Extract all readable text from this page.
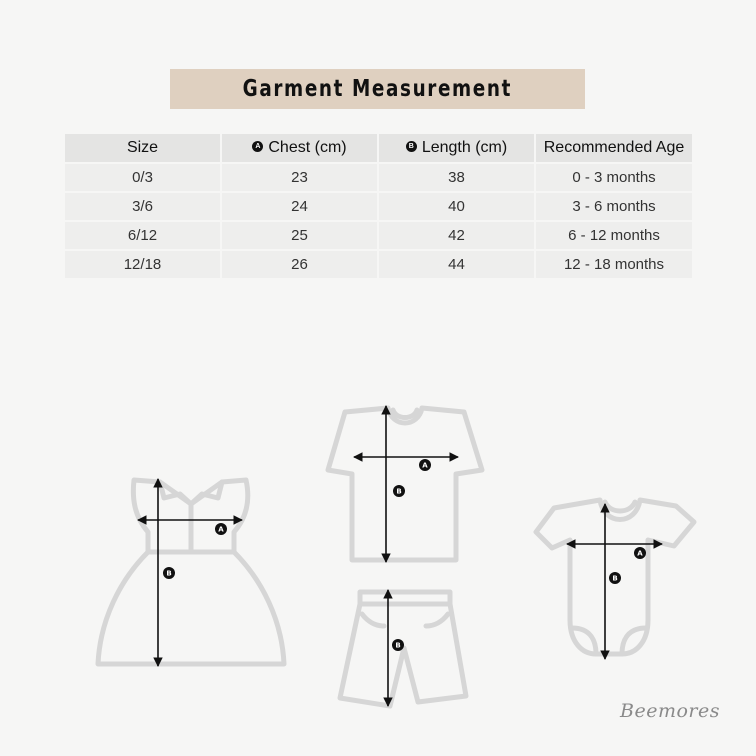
Garment Measurement
Size	A Chest (cm)	B Length (cm)	Recommended Age
0/3	23	38	0 - 3 months
3/6	24	40	3 - 6 months
6/12	25	42	6 - 12 months
12/18	26	44	12 - 18 months
A
B
A
B
B
A
B
Beemores
